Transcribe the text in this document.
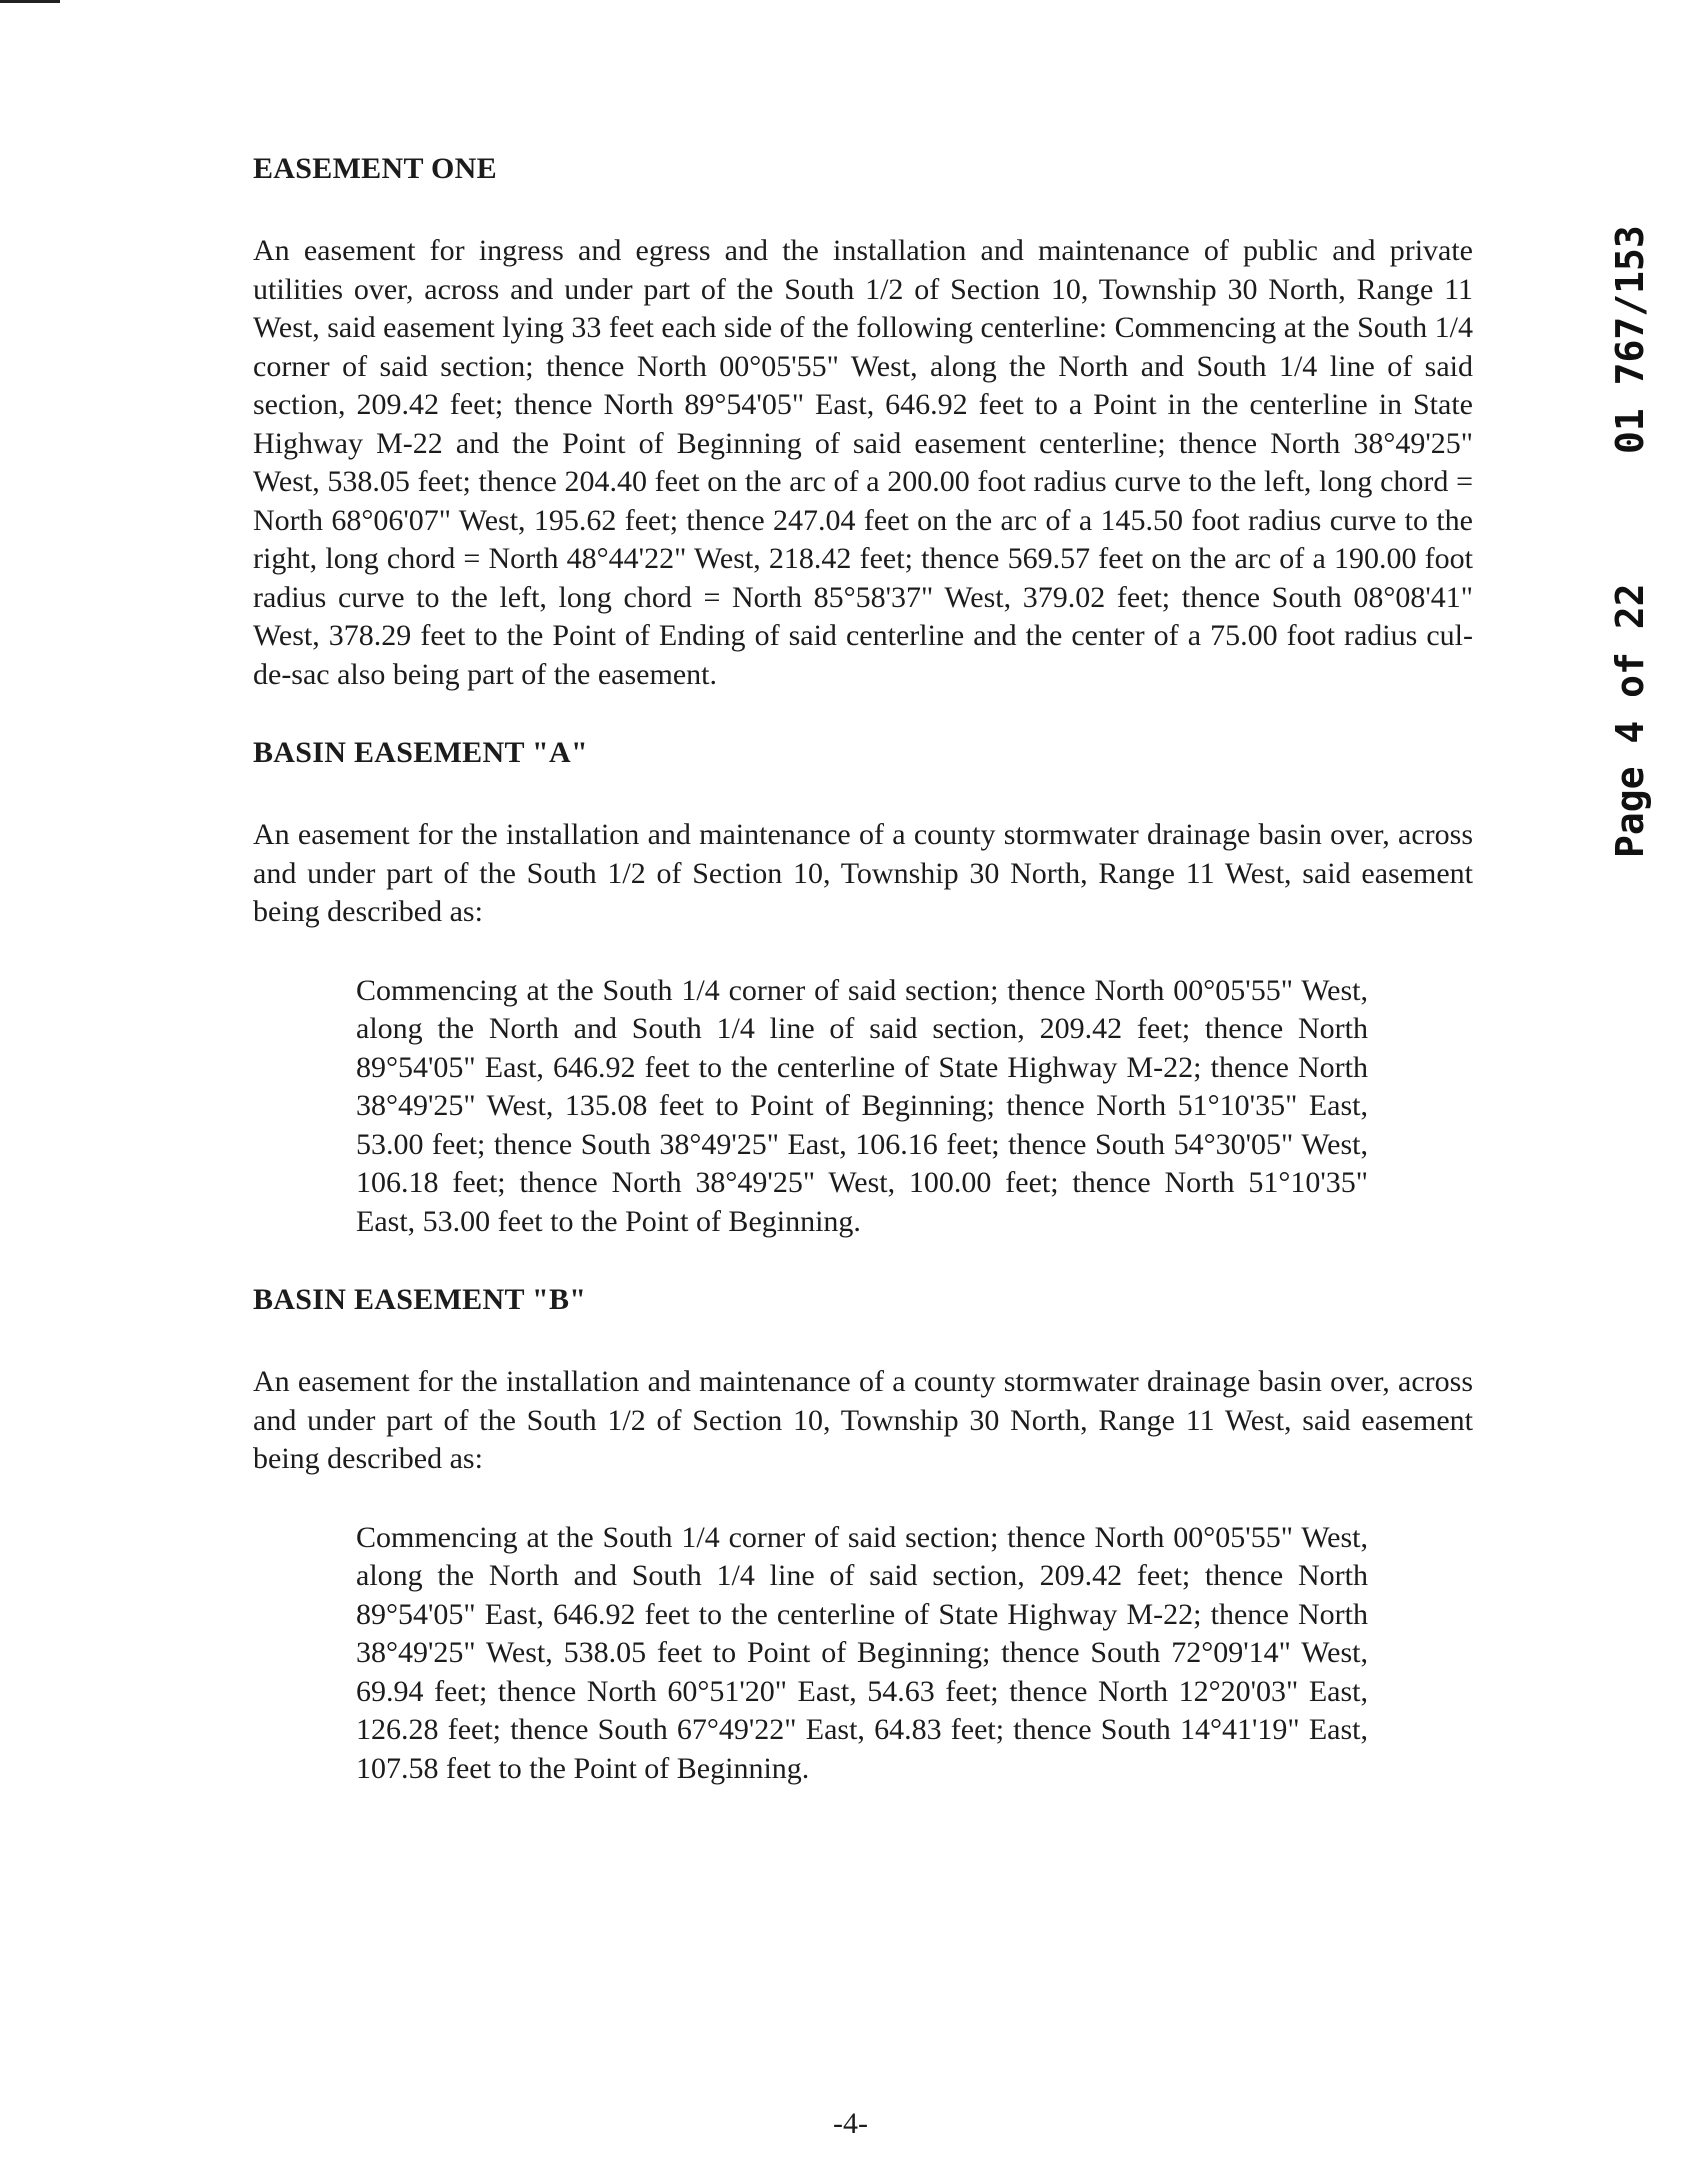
EASEMENT ONE

An easement for ingress and egress and the installation and maintenance of public and private utilities over, across and under part of the South 1/2 of Section 10, Township 30 North, Range 11 West, said easement lying 33 feet each side of the following centerline: Commencing at the South 1/4 corner of said section; thence North 00°05'55" West, along the North and South 1/4 line of said section, 209.42 feet; thence North 89°54'05" East, 646.92 feet to a Point in the centerline in State Highway M-22 and the Point of Beginning of said easement centerline; thence North 38°49'25" West, 538.05 feet; thence 204.40 feet on the arc of a 200.00 foot radius curve to the left, long chord = North 68°06'07" West, 195.62 feet; thence 247.04 feet on the arc of a 145.50 foot radius curve to the right, long chord = North 48°44'22" West, 218.42 feet; thence 569.57 feet on the arc of a 190.00 foot radius curve to the left, long chord = North 85°58'37" West, 379.02 feet; thence South 08°08'41" West, 378.29 feet to the Point of Ending of said centerline and the center of a 75.00 foot radius cul-de-sac also being part of the easement.

BASIN EASEMENT "A"

An easement for the installation and maintenance of a county stormwater drainage basin over, across and under part of the South 1/2 of Section 10, Township 30 North, Range 11 West, said easement being described as:

Commencing at the South 1/4 corner of said section; thence North 00°05'55" West, along the North and South 1/4 line of said section, 209.42 feet; thence North 89°54'05" East, 646.92 feet to the centerline of State Highway M-22; thence North 38°49'25" West, 135.08 feet to Point of Beginning; thence North 51°10'35" East, 53.00 feet; thence South 38°49'25" East, 106.16 feet; thence South 54°30'05" West, 106.18 feet; thence North 38°49'25" West, 100.00 feet; thence North 51°10'35" East, 53.00 feet to the Point of Beginning.

BASIN EASEMENT "B"

An easement for the installation and maintenance of a county stormwater drainage basin over, across and under part of the South 1/2 of Section 10, Township 30 North, Range 11 West, said easement being described as:

Commencing at the South 1/4 corner of said section; thence North 00°05'55" West, along the North and South 1/4 line of said section, 209.42 feet; thence North 89°54'05" East, 646.92 feet to the centerline of State Highway M-22; thence North 38°49'25" West, 538.05 feet to Point of Beginning; thence South 72°09'14" West, 69.94 feet; thence North 60°51'20" East, 54.63 feet; thence North 12°20'03" East, 126.28 feet; thence South 67°49'22" East, 64.83 feet; thence South 14°41'19" East, 107.58 feet to the Point of Beginning.

01 767/153
Page 4 of 22
-4-
